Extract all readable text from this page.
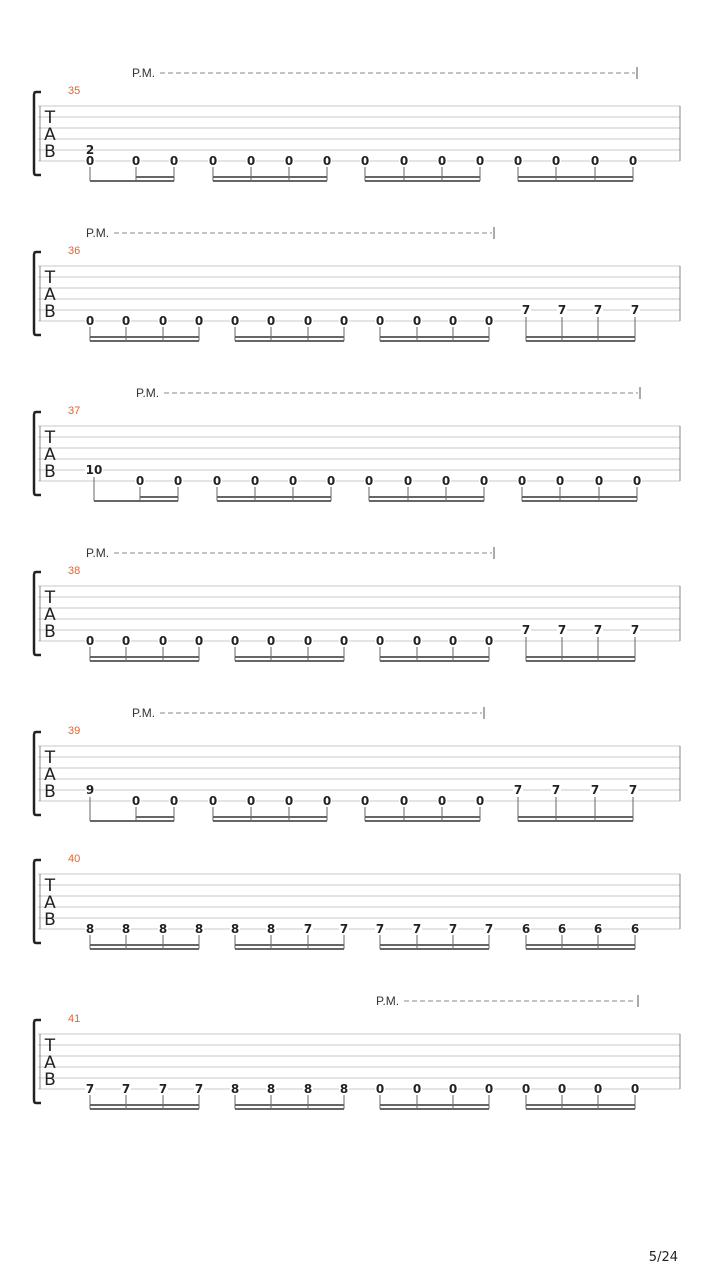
T
A
B
35
P.M.
0
2
0 0	0 0 0 0 0	0 0 0 0 0	0 0
T
A
B
36
P.M.
0 0 0 0 0 0 0 0 0 0 0 0
7 7 7 7
T
A
B
37
P.M.
10
0 0	0 0 0 0 0	0 0 0 0 0	0 0
T
A
B
38
P.M.
0 0 0 0 0 0 0 0 0 0 0 0
7 7 7 7
T
A
B
39
P.M.
9
0 0	0 0 0 0 0	0 0 0
7 7	7 7
T
A
B
40
8 8 8 8 8 8 7 7 7 7 7 7 6 6 6 6
T
A
B
41
P.M.
7 7 7 7 8 8 8 8 0 0 0 0 0 0 0 0
5/24
